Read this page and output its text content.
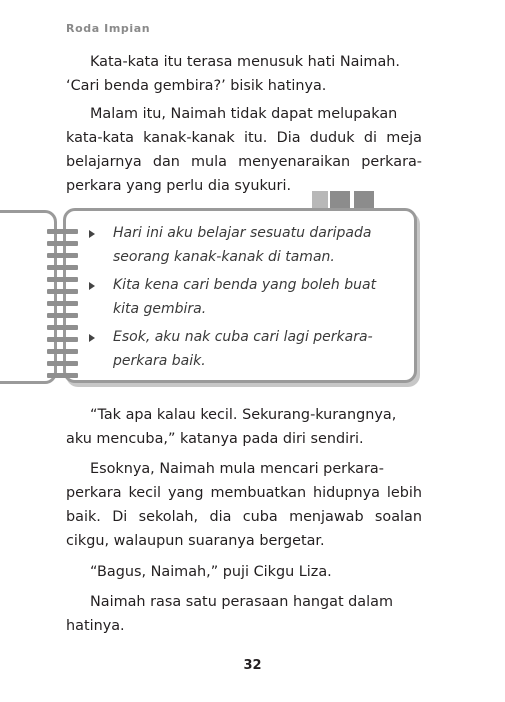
Roda Impian

Kata-kata itu terasa menusuk hati Naimah.
‘Cari benda gembira?’ bisik hatinya.

Malam itu, Naimah tidak dapat melupakan
kata-kata kanak-kanak itu. Dia duduk di meja belajarnya dan mula menyenaraikan perkara- perkara yang perlu dia syukuri.

Hari ini aku belajar sesuatu daripada
seorang kanak-kanak di taman.
Kita kena cari benda yang boleh buat
kita gembira.
Esok, aku nak cuba cari lagi perkara-
perkara baik.

“Tak apa kalau kecil. Sekurang-kurangnya,
aku mencuba,” katanya pada diri sendiri.

Esoknya, Naimah mula mencari perkara-
perkara kecil yang membuatkan hidupnya lebih baik. Di sekolah, dia cuba menjawab soalan cikgu, walaupun suaranya bergetar.

“Bagus, Naimah,” puji Cikgu Liza.

Naimah rasa satu perasaan hangat dalam
hatinya.

32
